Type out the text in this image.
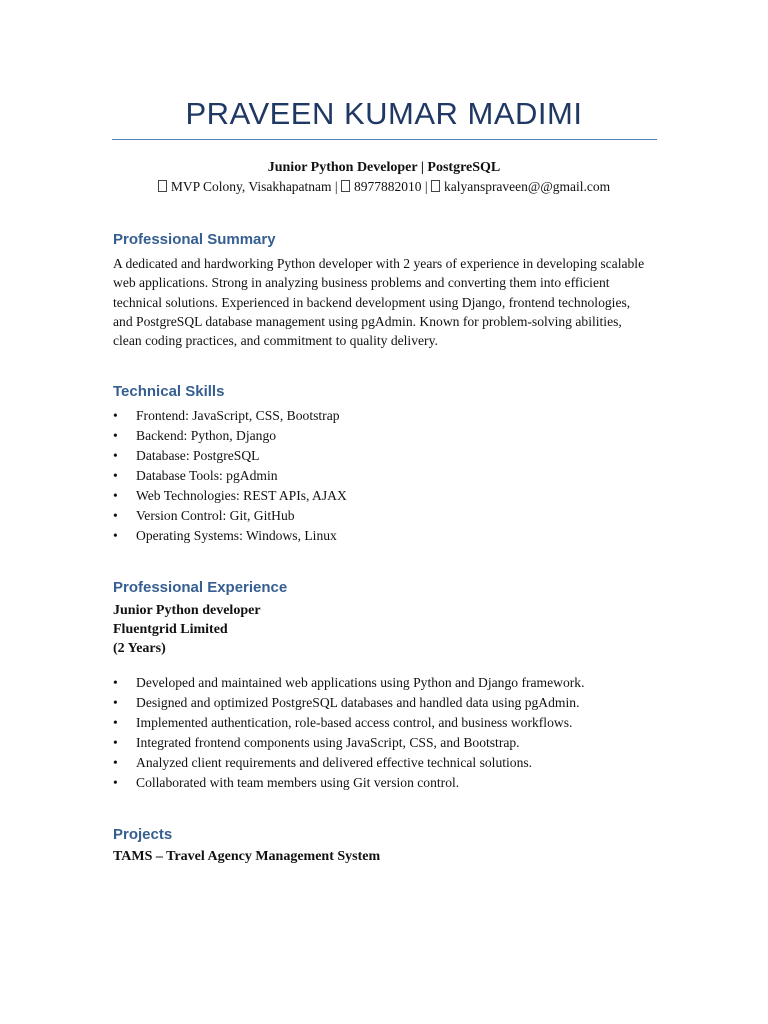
PRAVEEN KUMAR MADIMI
Junior Python Developer | PostgreSQL
MVP Colony, Visakhapatnam | 8977882010 | kalyanspraveen@@gmail.com
Professional Summary
A dedicated and hardworking Python developer with 2 years of experience in developing scalable web applications. Strong in analyzing business problems and converting them into efficient technical solutions. Experienced in backend development using Django, frontend technologies, and PostgreSQL database management using pgAdmin. Known for problem-solving abilities, clean coding practices, and commitment to quality delivery.
Technical Skills
• Frontend: JavaScript, CSS, Bootstrap
• Backend: Python, Django
• Database: PostgreSQL
• Database Tools: pgAdmin
• Web Technologies: REST APIs, AJAX
• Version Control: Git, GitHub
• Operating Systems: Windows, Linux
Professional Experience
Junior Python developer
Fluentgrid Limited
(2 Years)
• Developed and maintained web applications using Python and Django framework.
• Designed and optimized PostgreSQL databases and handled data using pgAdmin.
• Implemented authentication, role-based access control, and business workflows.
• Integrated frontend components using JavaScript, CSS, and Bootstrap.
• Analyzed client requirements and delivered effective technical solutions.
• Collaborated with team members using Git version control.
Projects
TAMS – Travel Agency Management System
